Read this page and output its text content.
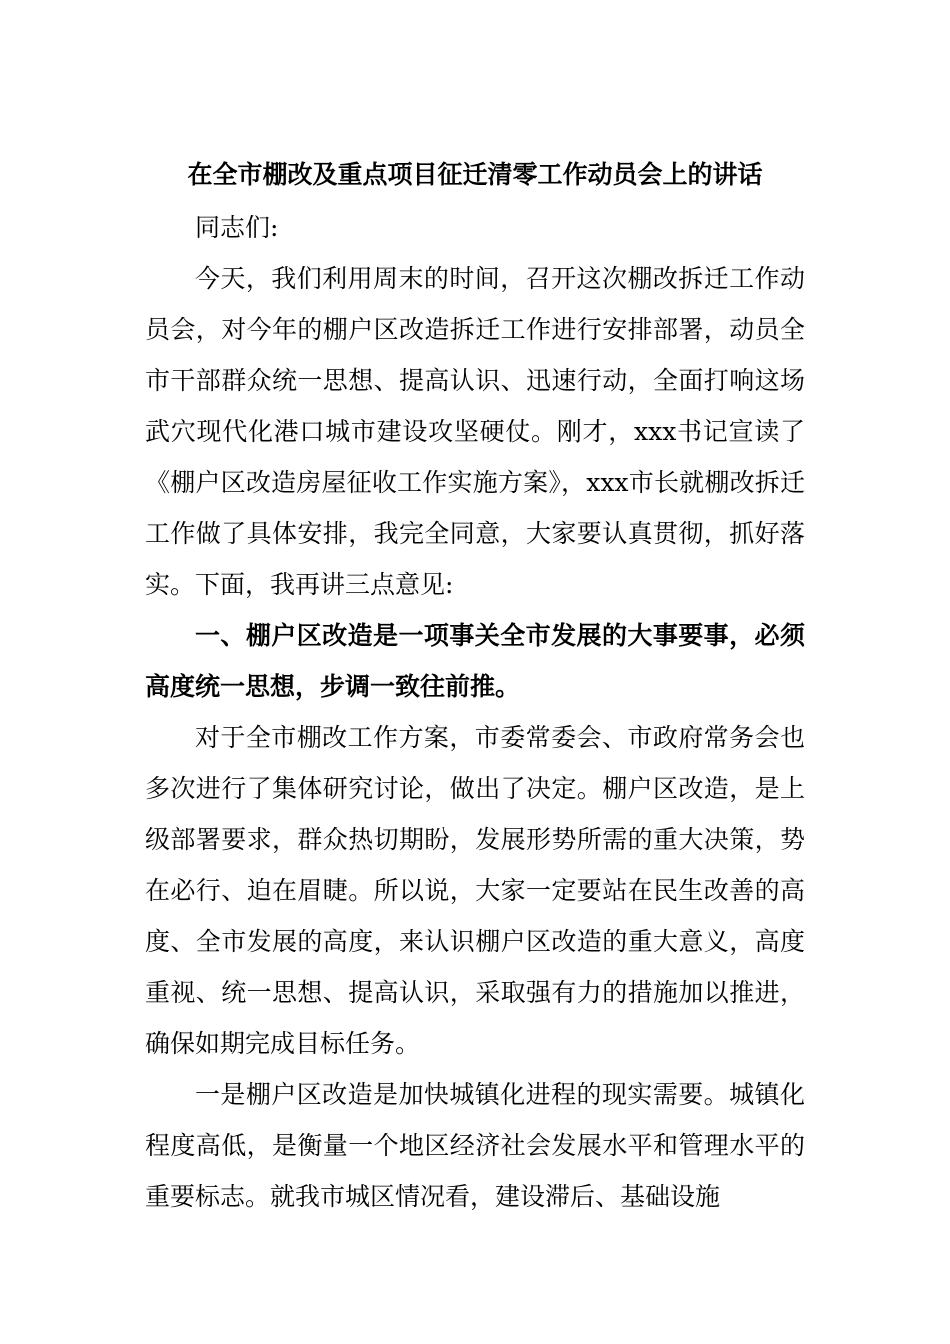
在全市棚改及重点项目征迁清零工作动员会上的讲话

同志们:

今天，我们利用周末的时间，召开这次棚改拆迁工作动员会，对今年的棚户区改造拆迁工作进行安排部署，动员全市干部群众统一思想、提高认识、迅速行动，全面打响这场武穴现代化港口城市建设攻坚硬仗。刚才，xxx书记宣读了《棚户区改造房屋征收工作实施方案》，xxx市长就棚改拆迁工作做了具体安排，我完全同意，大家要认真贯彻，抓好落实。下面，我再讲三点意见:

一、棚户区改造是一项事关全市发展的大事要事，必须高度统一思想，步调一致往前推。

对于全市棚改工作方案，市委常委会、市政府常务会也多次进行了集体研究讨论，做出了决定。棚户区改造，是上级部署要求，群众热切期盼，发展形势所需的重大决策，势在必行、迫在眉睫。所以说，大家一定要站在民生改善的高度、全市发展的高度，来认识棚户区改造的重大意义，高度重视、统一思想、提高认识，采取强有力的措施加以推进，确保如期完成目标任务。

一是棚户区改造是加快城镇化进程的现实需要。城镇化程度高低，是衡量一个地区经济社会发展水平和管理水平的重要标志。就我市城区情况看，建设滞后、基础设施
